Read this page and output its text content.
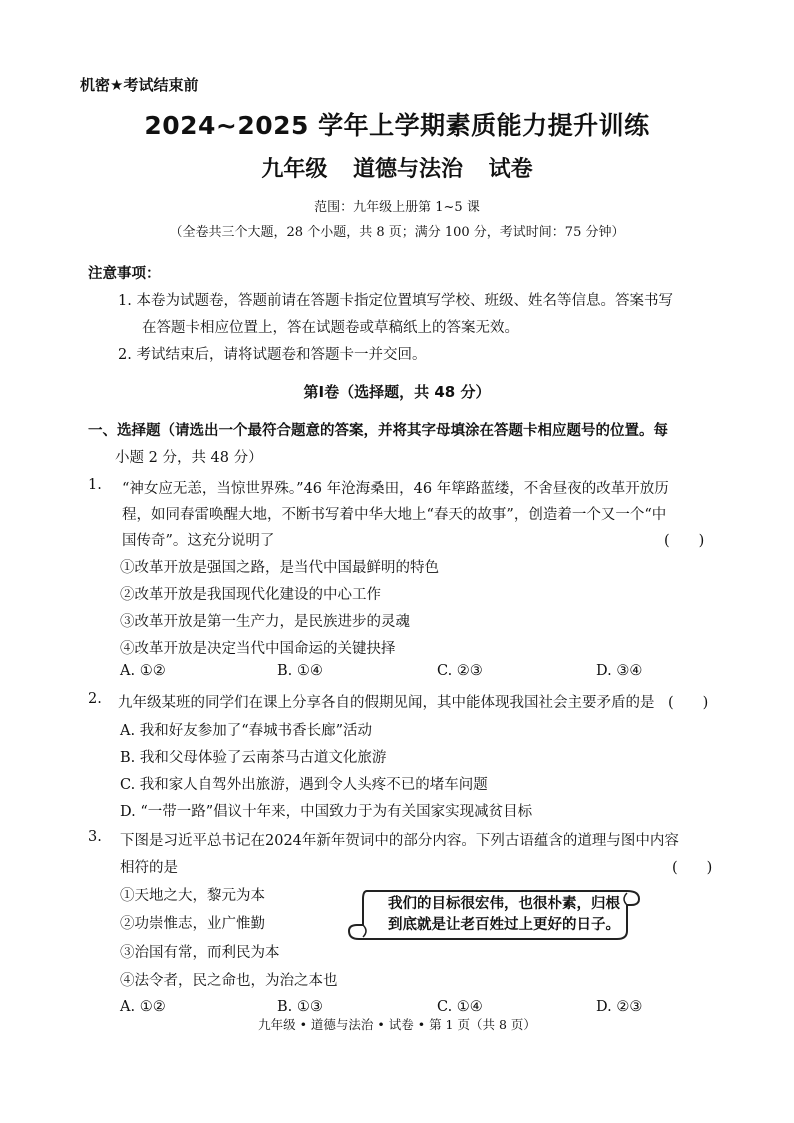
机密★考试结束前
2024~2025 学年上学期素质能力提升训练
九年级 道德与法治 试卷
范围：九年级上册第 1~5 课
（全卷共三个大题，28 个小题，共 8 页；满分 100 分，考试时间：75 分钟）
注意事项：
1. 本卷为试题卷，答题前请在答题卡指定位置填写学校、班级、姓名等信息。答案书写
在答题卡相应位置上，答在试题卷或草稿纸上的答案无效。
2. 考试结束后，请将试题卷和答题卡一并交回。
第Ⅰ卷（选择题，共 48 分）
一、选择题（请选出一个最符合题意的答案，并将其字母填涂在答题卡相应题号的位置。每
小题 2 分，共 48 分）
1. “神女应无恙，当惊世界殊。”46 年沧海桑田，46 年筚路蓝缕，不舍昼夜的改革开放历
程，如同春雷唤醒大地，不断书写着中华大地上“春天的故事”，创造着一个又一个“中
国传奇”。这充分说明了	(　　)
①改革开放是强国之路，是当代中国最鲜明的特色
②改革开放是我国现代化建设的中心工作
③改革开放是第一生产力，是民族进步的灵魂
④改革开放是决定当代中国命运的关键抉择
A. ①②	B. ①④	C. ②③	D. ③④
2. 九年级某班的同学们在课上分享各自的假期见闻，其中能体现我国社会主要矛盾的是 (　　)
A. 我和好友参加了“春城书香长廊”活动
B. 我和父母体验了云南茶马古道文化旅游
C. 我和家人自驾外出旅游，遇到令人头疼不已的堵车问题
D. “一带一路”倡议十年来，中国致力于为有关国家实现减贫目标
3. 下图是习近平总书记在2024年新年贺词中的部分内容。下列古语蕴含的道理与图中内容
相符的是	(　　)
①天地之大，黎元为本
②功崇惟志，业广惟勤
③治国有常，而利民为本
④法令者，民之命也，为治之本也
我们的目标很宏伟，也很朴素，归根到底就是让老百姓过上更好的日子。
A. ①②	B. ①③	C. ①④	D. ②③
九年级 • 道德与法治 • 试卷 • 第 1 页（共 8 页）
